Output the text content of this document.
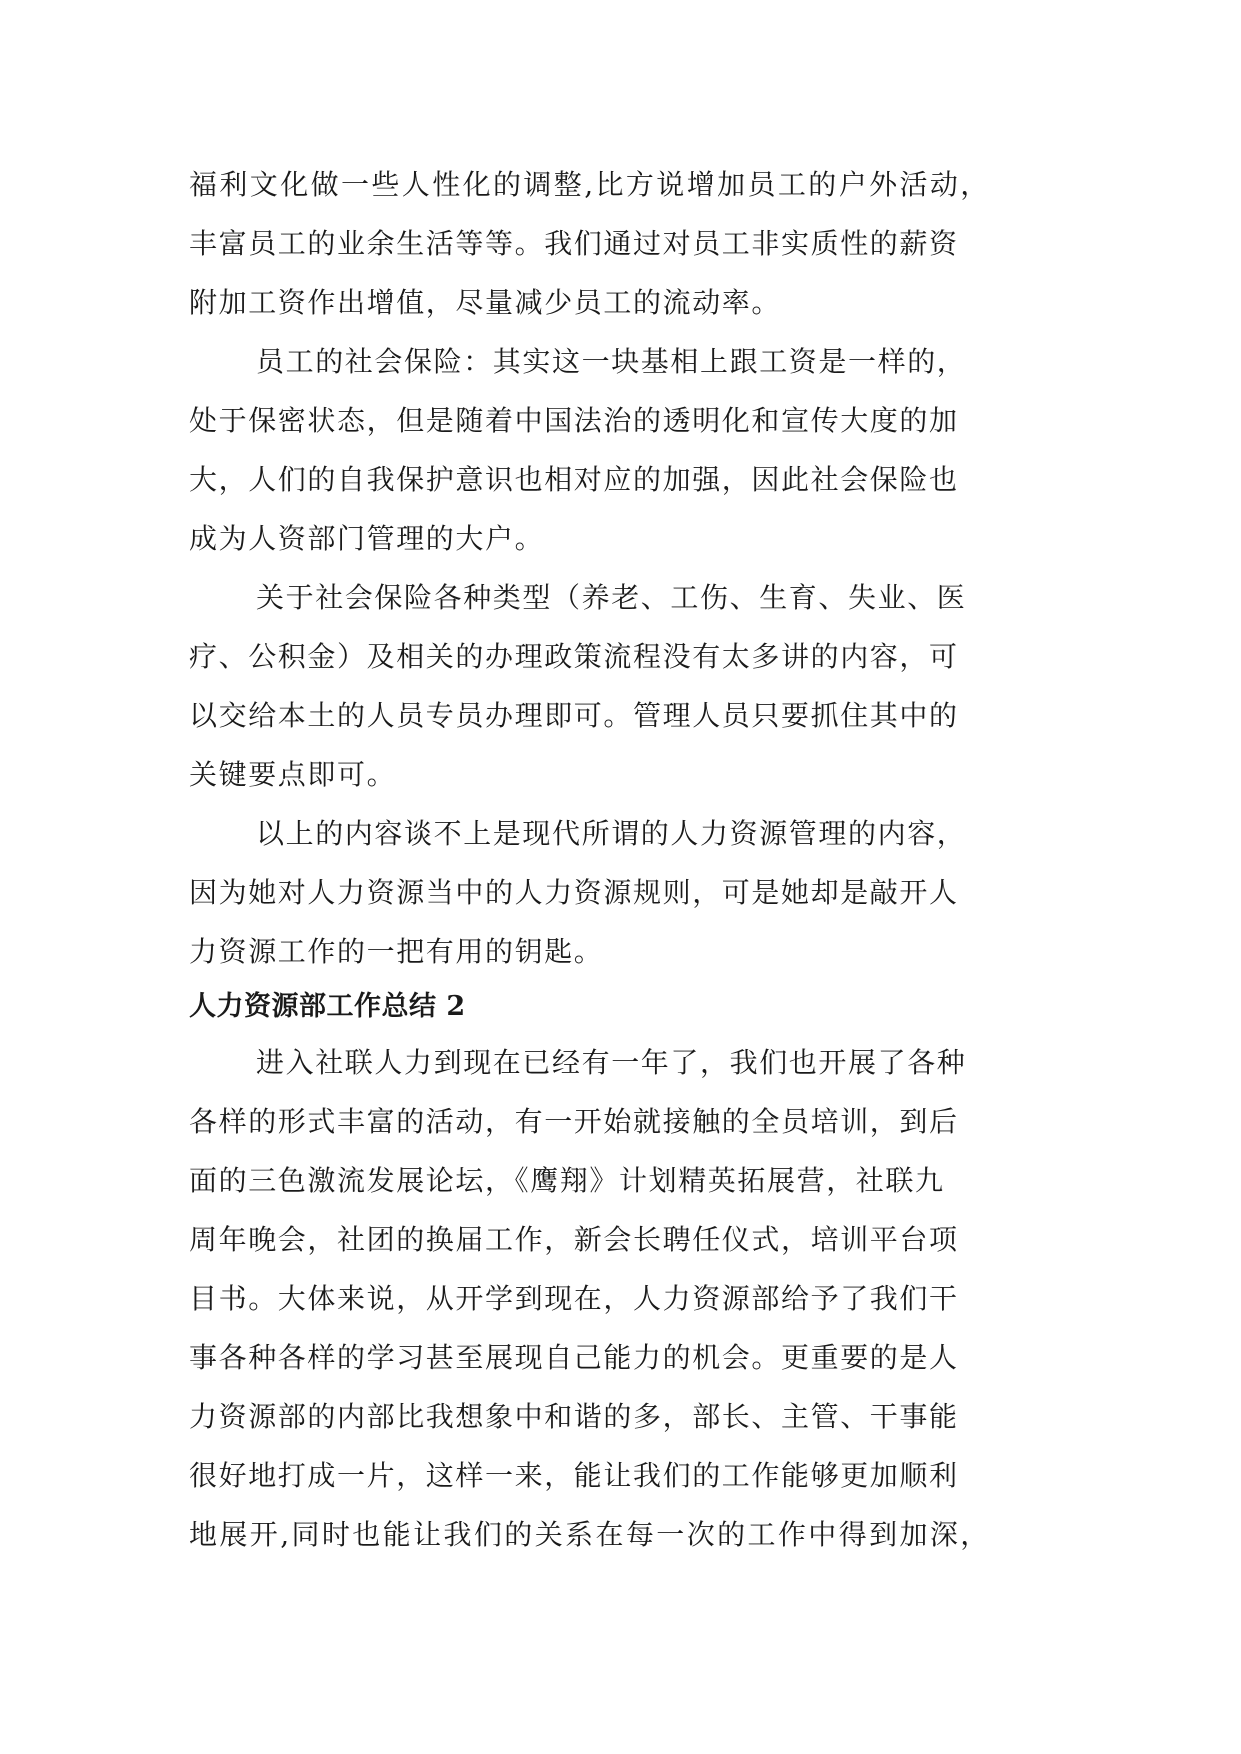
福利文化做一些人性化的调整,比方说增加员工的户外活动，

丰富员工的业余生活等等。我们通过对员工非实质性的薪资

附加工资作出增值，尽量减少员工的流动率。

员工的社会保险：其实这一块基相上跟工资是一样的，

处于保密状态，但是随着中国法治的透明化和宣传大度的加

大，人们的自我保护意识也相对应的加强，因此社会保险也

成为人资部门管理的大户。

关于社会保险各种类型（养老、工伤、生育、失业、医

疗、公积金）及相关的办理政策流程没有太多讲的内容，可

以交给本土的人员专员办理即可。管理人员只要抓住其中的

关键要点即可。

以上的内容谈不上是现代所谓的人力资源管理的内容，

因为她对人力资源当中的人力资源规则，可是她却是敲开人

力资源工作的一把有用的钥匙。

人力资源部工作总结 2

进入社联人力到现在已经有一年了，我们也开展了各种

各样的形式丰富的活动，有一开始就接触的全员培训，到后

面的三色激流发展论坛，《鹰翔》计划精英拓展营，社联九

周年晚会，社团的换届工作，新会长聘任仪式，培训平台项

目书。大体来说，从开学到现在，人力资源部给予了我们干

事各种各样的学习甚至展现自己能力的机会。更重要的是人

力资源部的内部比我想象中和谐的多，部长、主管、干事能

很好地打成一片，这样一来，能让我们的工作能够更加顺利

地展开,同时也能让我们的关系在每一次的工作中得到加深，
